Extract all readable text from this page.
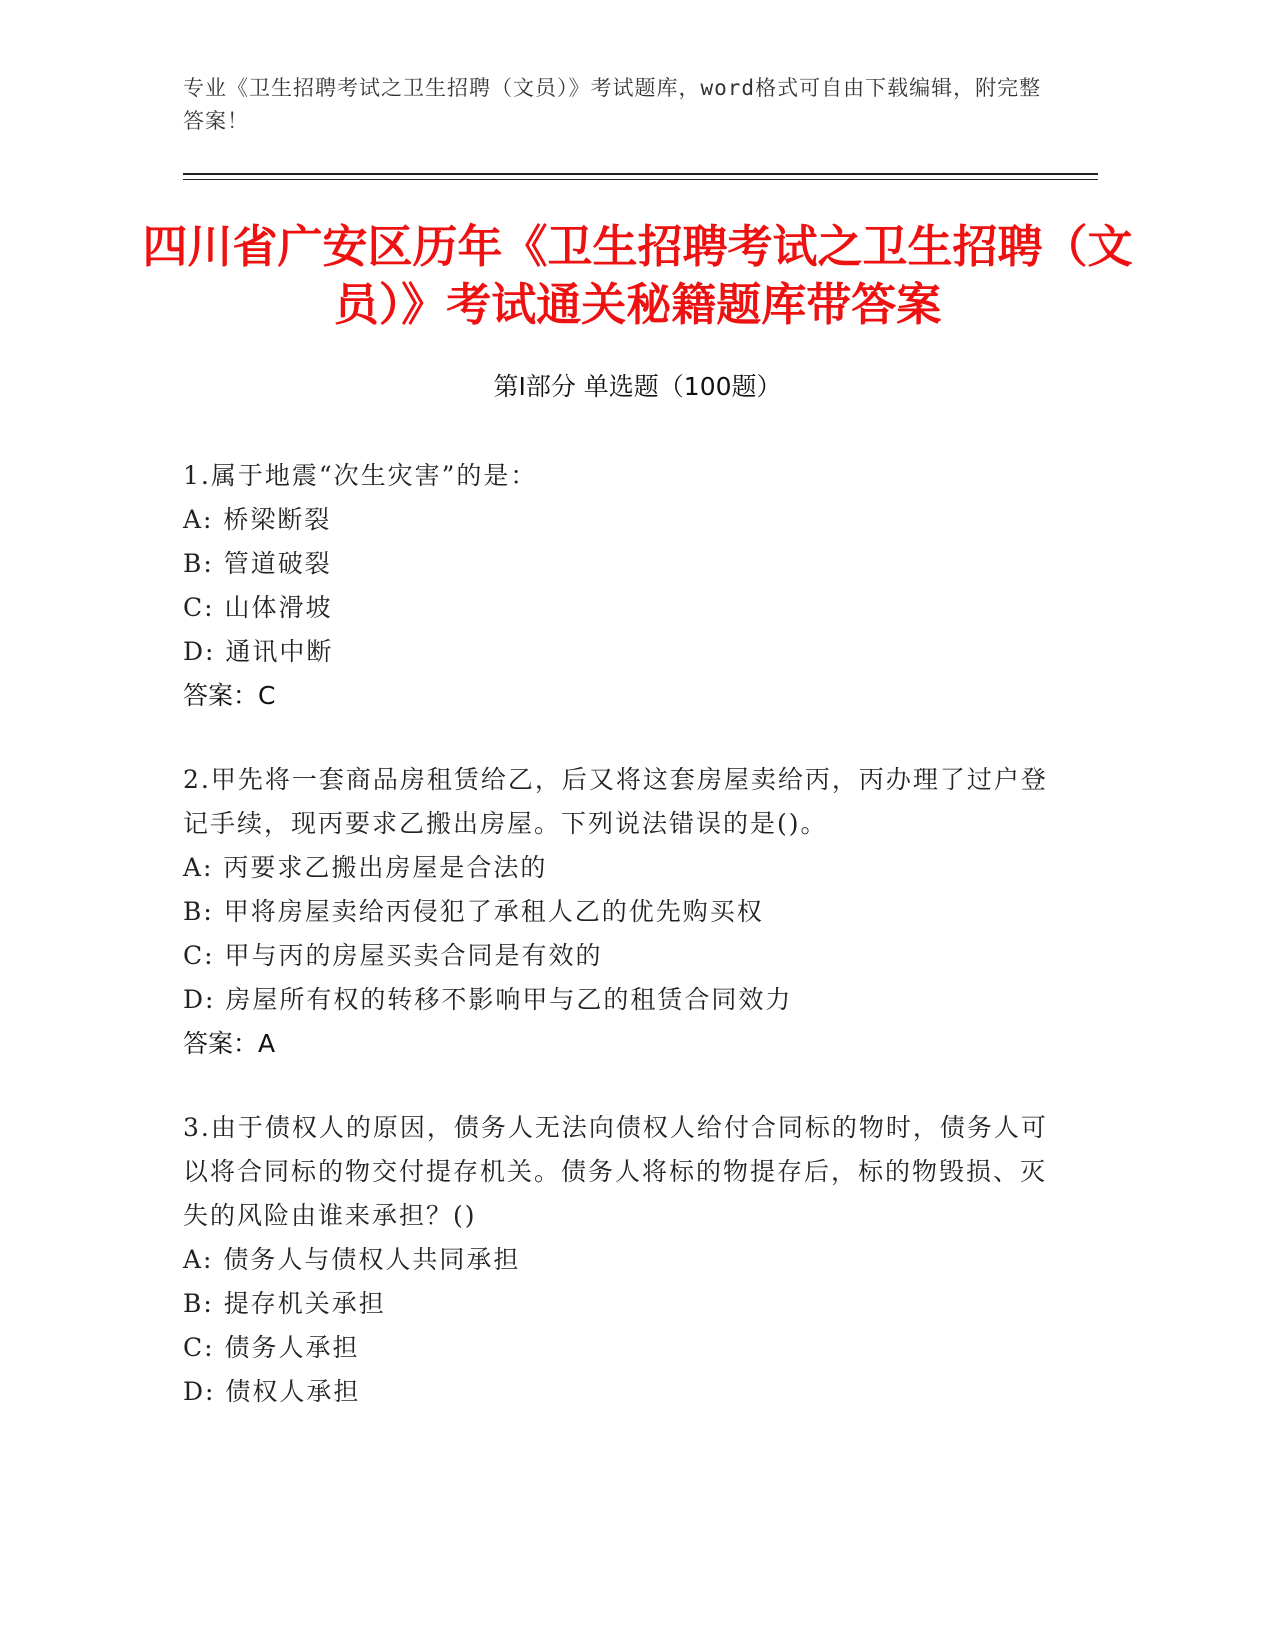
专业《卫生招聘考试之卫生招聘（文员）》考试题库，word格式可自由下载编辑，附完整答案！
四川省广安区历年《卫生招聘考试之卫生招聘（文员）》考试通关秘籍题库带答案
第Ⅰ部分 单选题（100题）

1.属于地震“次生灾害”的是：

A: 桥梁断裂

B: 管道破裂

C: 山体滑坡

D: 通讯中断

答案：C

2.甲先将一套商品房租赁给乙，后又将这套房屋卖给丙，丙办理了过户登记手续，现丙要求乙搬出房屋。下列说法错误的是()。

A: 丙要求乙搬出房屋是合法的

B: 甲将房屋卖给丙侵犯了承租人乙的优先购买权

C: 甲与丙的房屋买卖合同是有效的

D: 房屋所有权的转移不影响甲与乙的租赁合同效力

答案：A

3.由于债权人的原因，债务人无法向债权人给付合同标的物时，债务人可以将合同标的物交付提存机关。债务人将标的物提存后，标的物毁损、灭失的风险由谁来承担？()

A: 债务人与债权人共同承担

B: 提存机关承担

C: 债务人承担

D: 债权人承担
